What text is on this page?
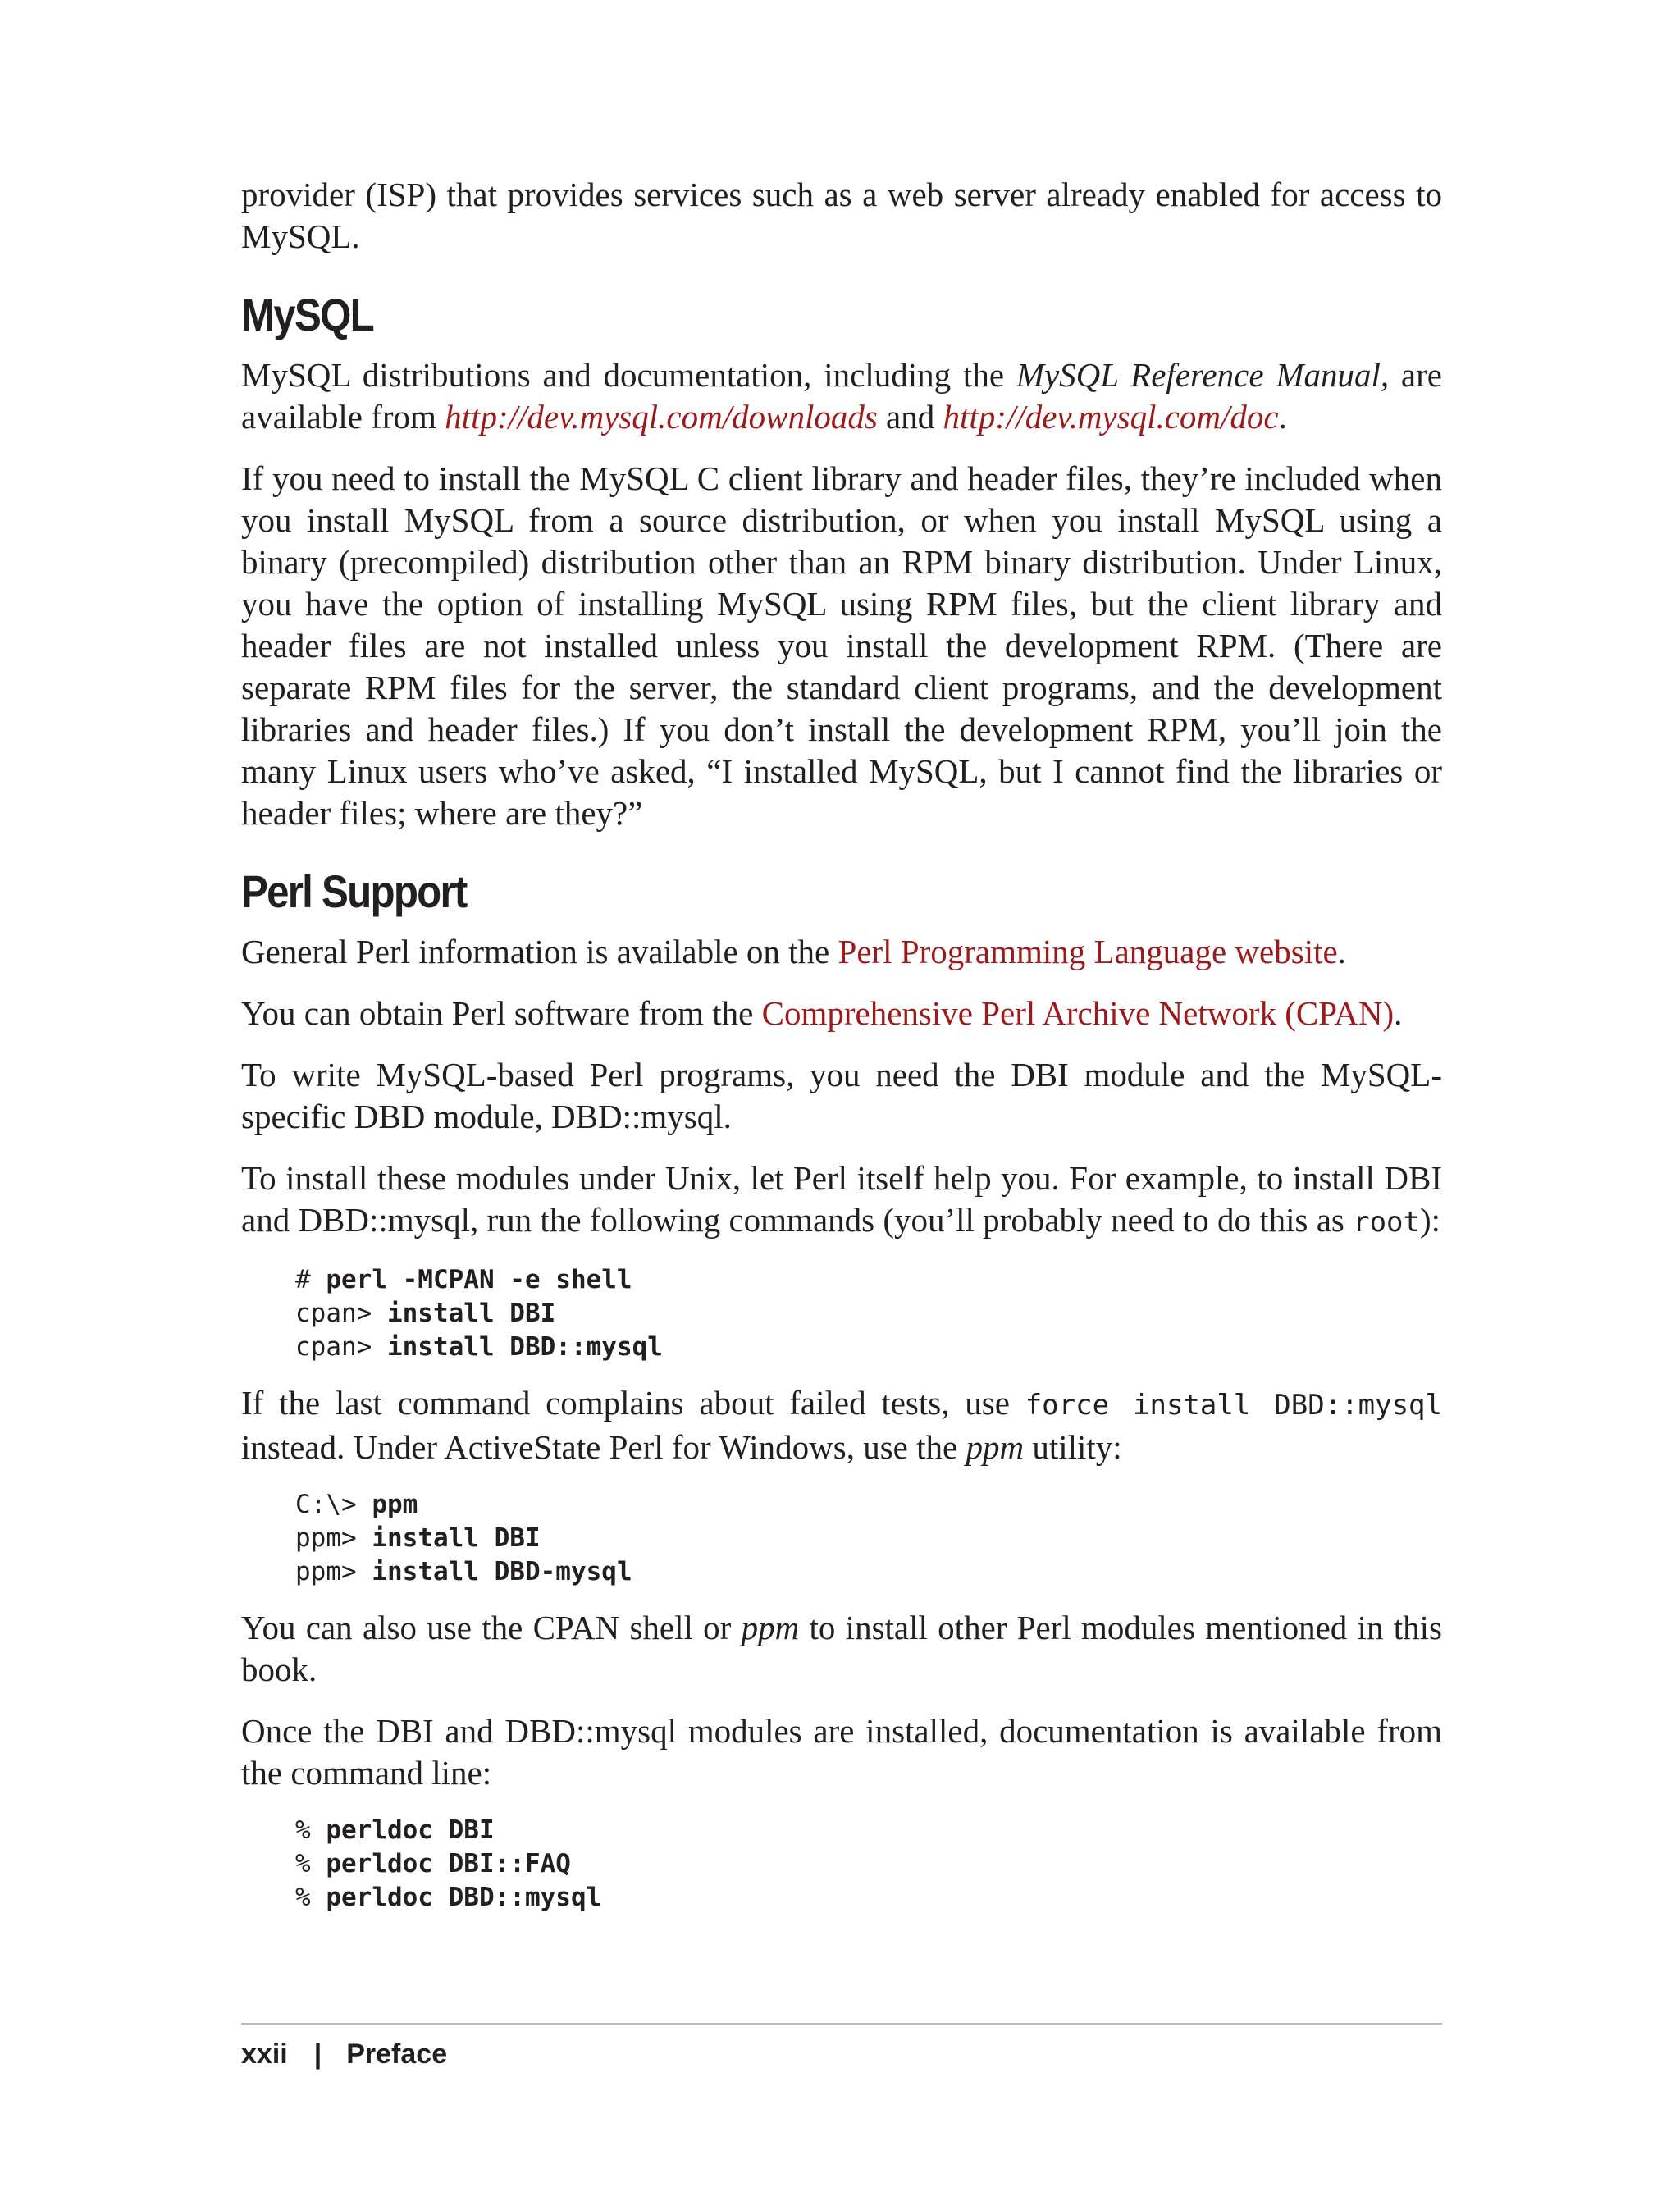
provider (ISP) that provides services such as a web server already enabled for access to MySQL.

MySQL

MySQL distributions and documentation, including the MySQL Reference Manual, are available from http://dev.mysql.com/downloads and http://dev.mysql.com/doc.

If you need to install the MySQL C client library and header files, they’re included when you install MySQL from a source distribution, or when you install MySQL using a binary (precompiled) distribution other than an RPM binary distribution. Under Linux, you have the option of installing MySQL using RPM files, but the client library and header files are not installed unless you install the development RPM. (There are separate RPM files for the server, the standard client programs, and the development libraries and header files.) If you don’t install the development RPM, you’ll join the many Linux users who’ve asked, “I installed MySQL, but I cannot find the libraries or header files; where are they?”

Perl Support

General Perl information is available on the Perl Programming Language website.

You can obtain Perl software from the Comprehensive Perl Archive Network (CPAN).

To write MySQL-based Perl programs, you need the DBI module and the MySQL-specific DBD module, DBD::mysql.

To install these modules under Unix, let Perl itself help you. For example, to install DBI and DBD::mysql, run the following commands (you’ll probably need to do this as root):

# perl -MCPAN -e shell
cpan> install DBI
cpan> install DBD::mysql

If the last command complains about failed tests, use force install DBD::mysql instead. Under ActiveState Perl for Windows, use the ppm utility:

C:\> ppm
ppm> install DBI
ppm> install DBD-mysql

You can also use the CPAN shell or ppm to install other Perl modules mentioned in this book.

Once the DBI and DBD::mysql modules are installed, documentation is available from the command line:

% perldoc DBI
% perldoc DBI::FAQ
% perldoc DBD::mysql
xxii | Preface
